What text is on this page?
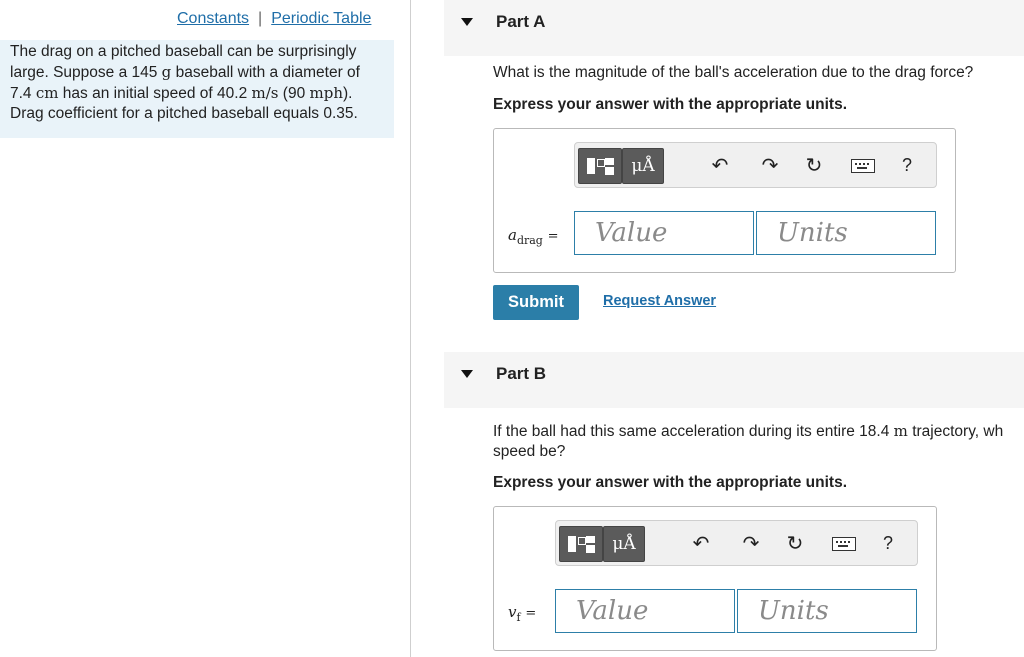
Constants | Periodic Table
The drag on a pitched baseball can be surprisingly
large. Suppose a 145 g baseball with a diameter of
7.4 cm has an initial speed of 40.2 m/s (90 mph).
Drag coefficient for a pitched baseball equals 0.35.
Part A
What is the magnitude of the ball's acceleration due to the drag force?
Express your answer with the appropriate units.
μÅ	↶ ↷ ↻	?
$a_{drag}$ =	Value	Units
Submit	Request Answer
Part B
If the ball had this same acceleration during its entire 18.4 m trajectory, wh
speed be?
Express your answer with the appropriate units.
μÅ	↶ ↷ ↻	?
$v_f$ =	Value	Units
